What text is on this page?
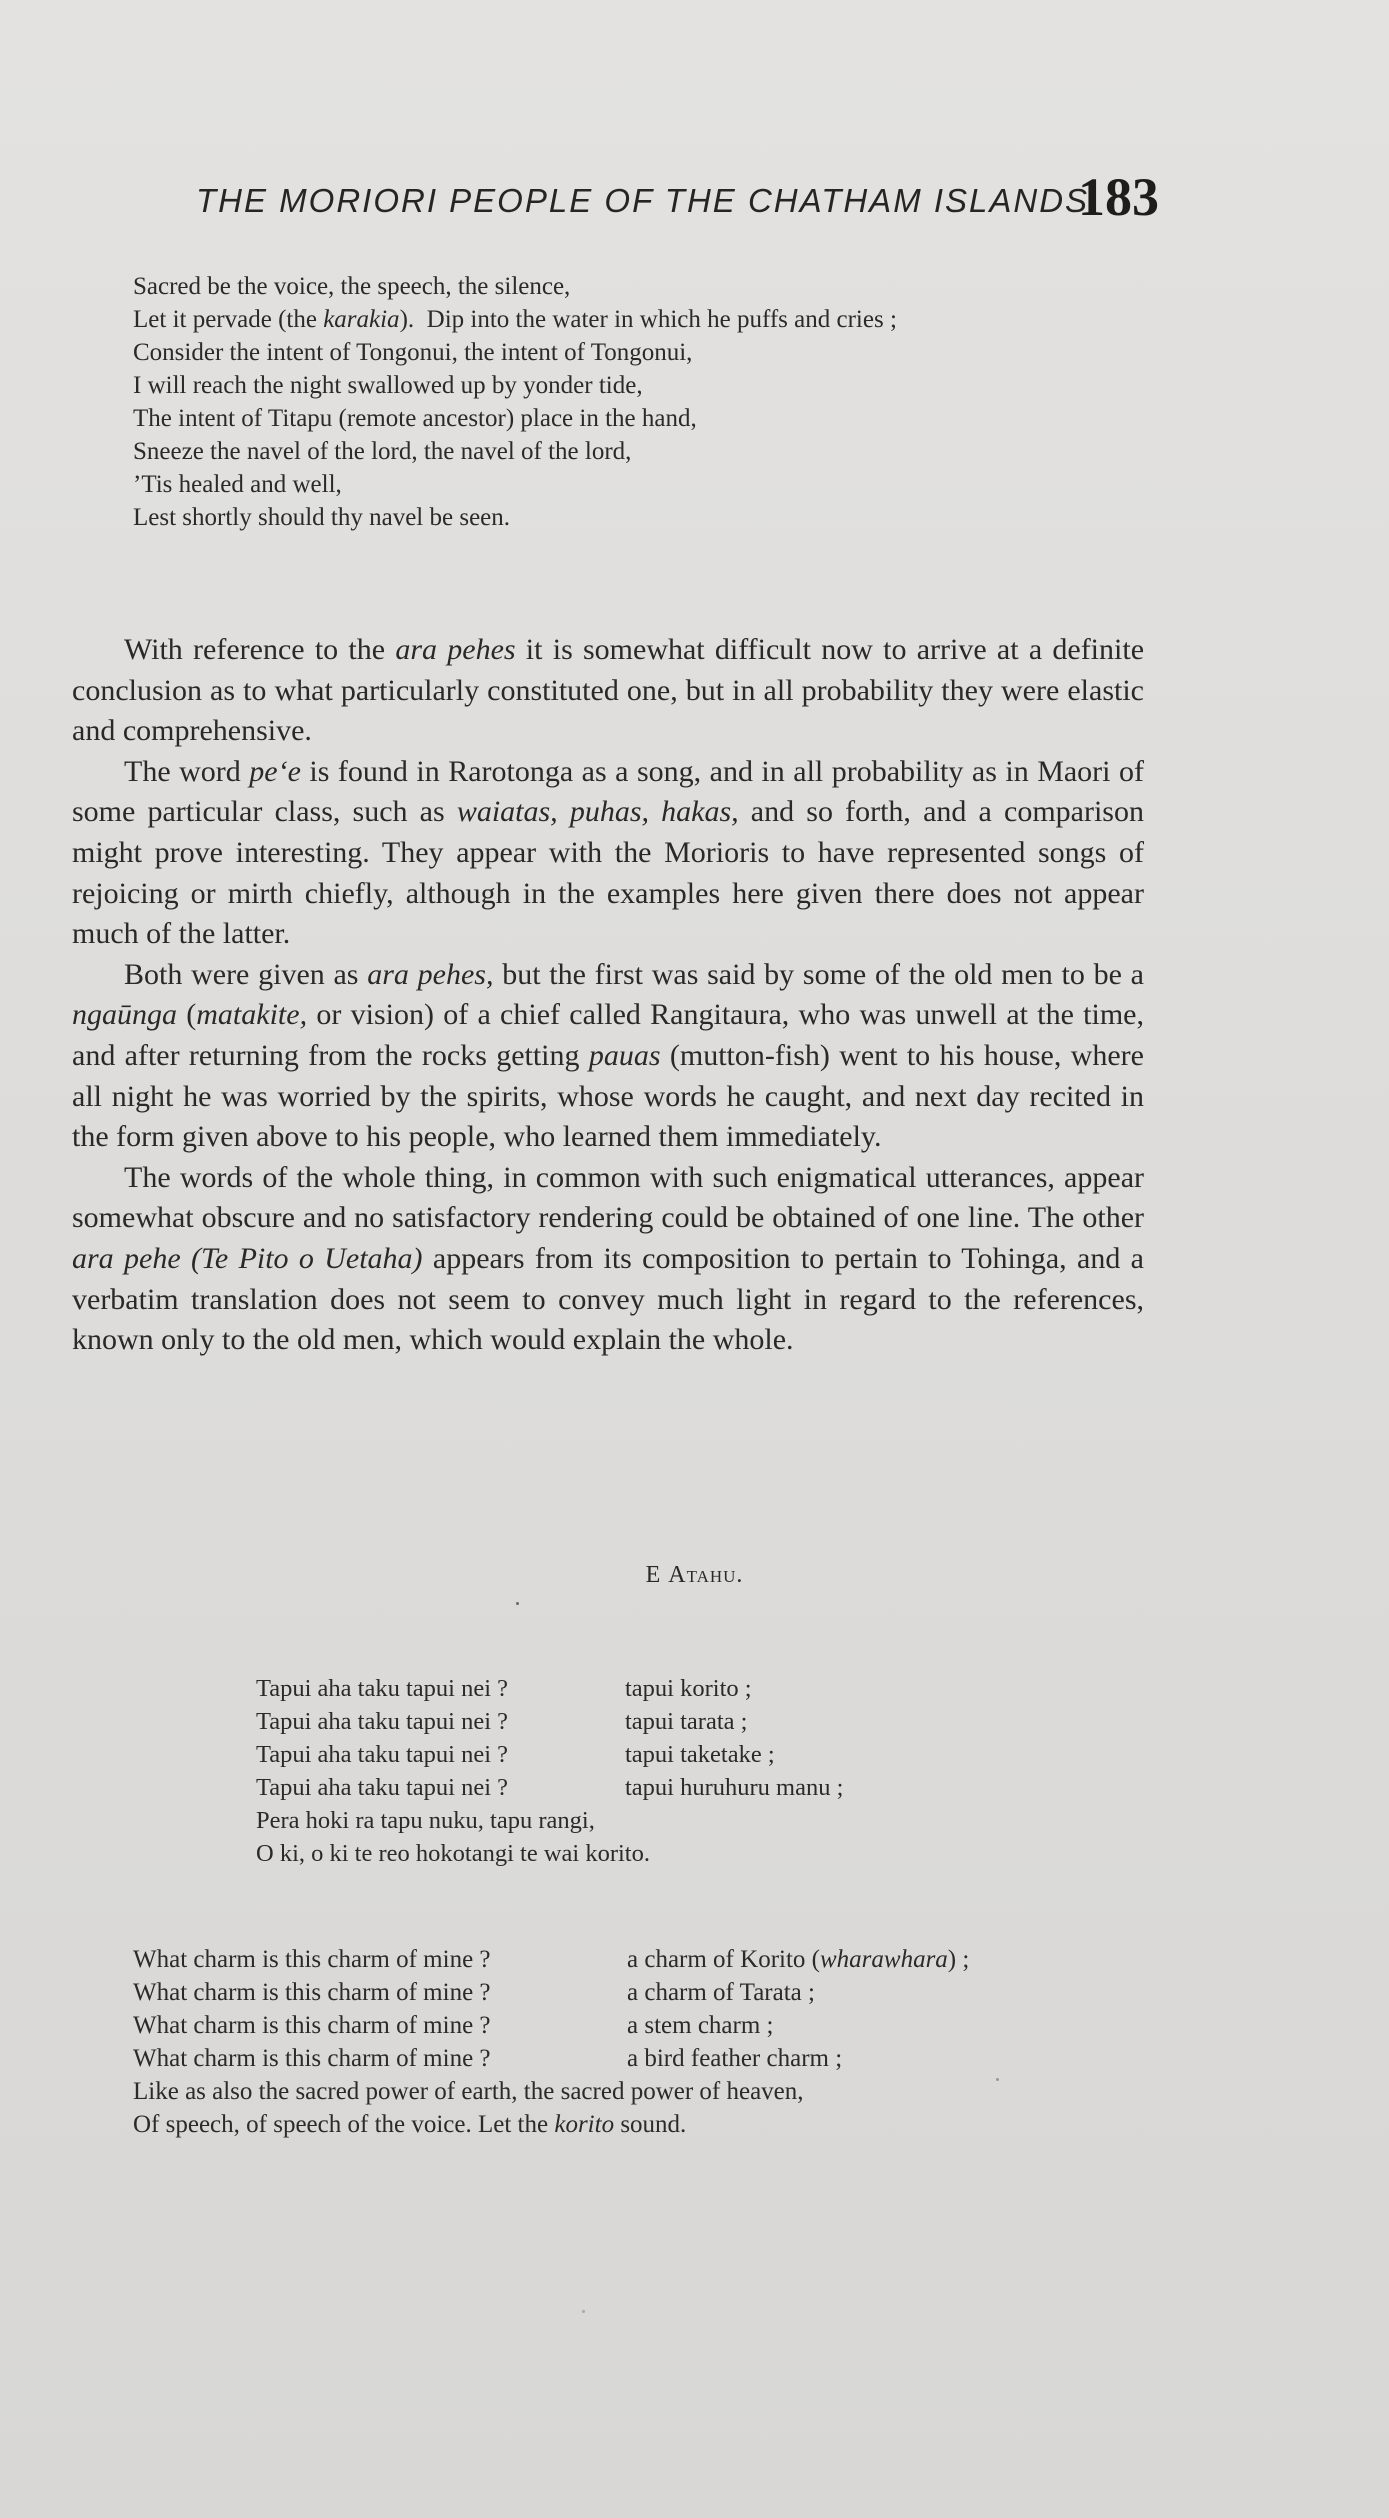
THE MORIORI PEOPLE OF THE CHATHAM ISLANDS.
183
Sacred be the voice, the speech, the silence,
Let it pervade (the karakia).  Dip into the water in which he puffs and cries ;
Consider the intent of Tongonui, the intent of Tongonui,
I will reach the night swallowed up by yonder tide,
The intent of Titapu (remote ancestor) place in the hand,
Sneeze the navel of the lord, the navel of the lord,
’Tis healed and well,
Lest shortly should thy navel be seen.

With reference to the ara pehes it is somewhat difficult now to arrive at a definite conclusion as to what particularly constituted one, but in all probability they were elastic and comprehensive.

The word pe‘e is found in Rarotonga as a song, and in all probability as in Maori of some particular class, such as waiatas, puhas, hakas, and so forth, and a comparison might prove interesting. They appear with the Morioris to have represented songs of rejoicing or mirth chiefly, although in the examples here given there does not appear much of the latter.

Both were given as ara pehes, but the first was said by some of the old men to be a ngaūnga (matakite, or vision) of a chief called Rangitaura, who was unwell at the time, and after returning from the rocks getting pauas (mutton-fish) went to his house, where all night he was worried by the spirits, whose words he caught, and next day recited in the form given above to his people, who learned them immediately.

The words of the whole thing, in common with such enigmatical utterances, appear somewhat obscure and no satisfactory rendering could be obtained of one line. The other ara pehe (Te Pito o Uetaha) appears from its composition to pertain to Tohinga, and a verbatim translation does not seem to convey much light in regard to the references, known only to the old men, which would explain the whole.

E Atahu.
Tapui aha taku tapui nei ?	tapui korito ;
Tapui aha taku tapui nei ?	tapui tarata ;
Tapui aha taku tapui nei ?	tapui taketake ;
Tapui aha taku tapui nei ?	tapui huruhuru manu ;
Pera hoki ra tapu nuku, tapu rangi,
O ki, o ki te reo hokotangi te wai korito.
What charm is this charm of mine ?	a charm of Korito (wharawhara) ;
What charm is this charm of mine ?	a charm of Tarata ;
What charm is this charm of mine ?	a stem charm ;
What charm is this charm of mine ?	a bird feather charm ;
Like as also the sacred power of earth, the sacred power of heaven,
Of speech, of speech of the voice. Let the korito sound.
